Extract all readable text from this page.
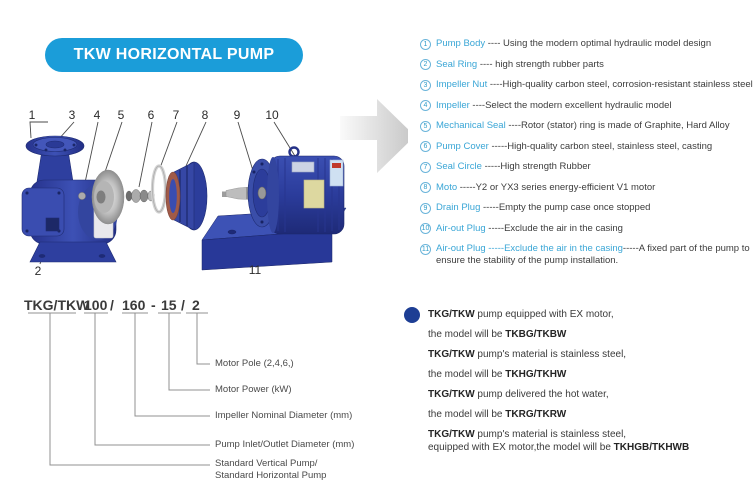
TKW HORIZONTAL PUMP
1	3 4 5 6 7 8 9 10
2	11
1 Pump Body ---- Using the modern optimal hydraulic model design
2 Seal Ring ---- high strength rubber parts
3 Impeller Nut ----High-quality carbon steel, corrosion-resistant stainless steel
4 Impeller ----Select the modern excellent hydraulic model
5 Mechanical Seal ----Rotor (stator) ring is made of Graphite, Hard Alloy
6 Pump Cover -----High-quality carbon steel, stainless steel, casting
7 Seal Circle -----High strength Rubber
8 Moto -----Y2 or YX3 series energy-efficient V1 motor
9 Drain Plug -----Empty the pump case once stopped
10 Air-out Plug -----Exclude the air in the casing
11 Air-out Plug -----Exclude the air in the casing-----A fixed part of the pump to ensure the stability of the pump installation.
TKG/TKW
100 / 160 - 15 / 2
Motor Pole (2,4,6,)
Motor Power (kW)
Impeller Nominal Diameter (mm)
Pump Inlet/Outlet Diameter (mm)
Standard Vertical Pump/
Standard Horizontal Pump
TKG/TKW pump equipped with EX motor,
the model will be TKBG/TKBW
TKG/TKW pump's material is stainless steel,
the model will be TKHG/TKHW
TKG/TKW pump delivered the hot water,
the model will be TKRG/TKRW
TKG/TKW pump's material is stainless steel,
equipped with EX motor,the model will be TKHGB/TKHWB
